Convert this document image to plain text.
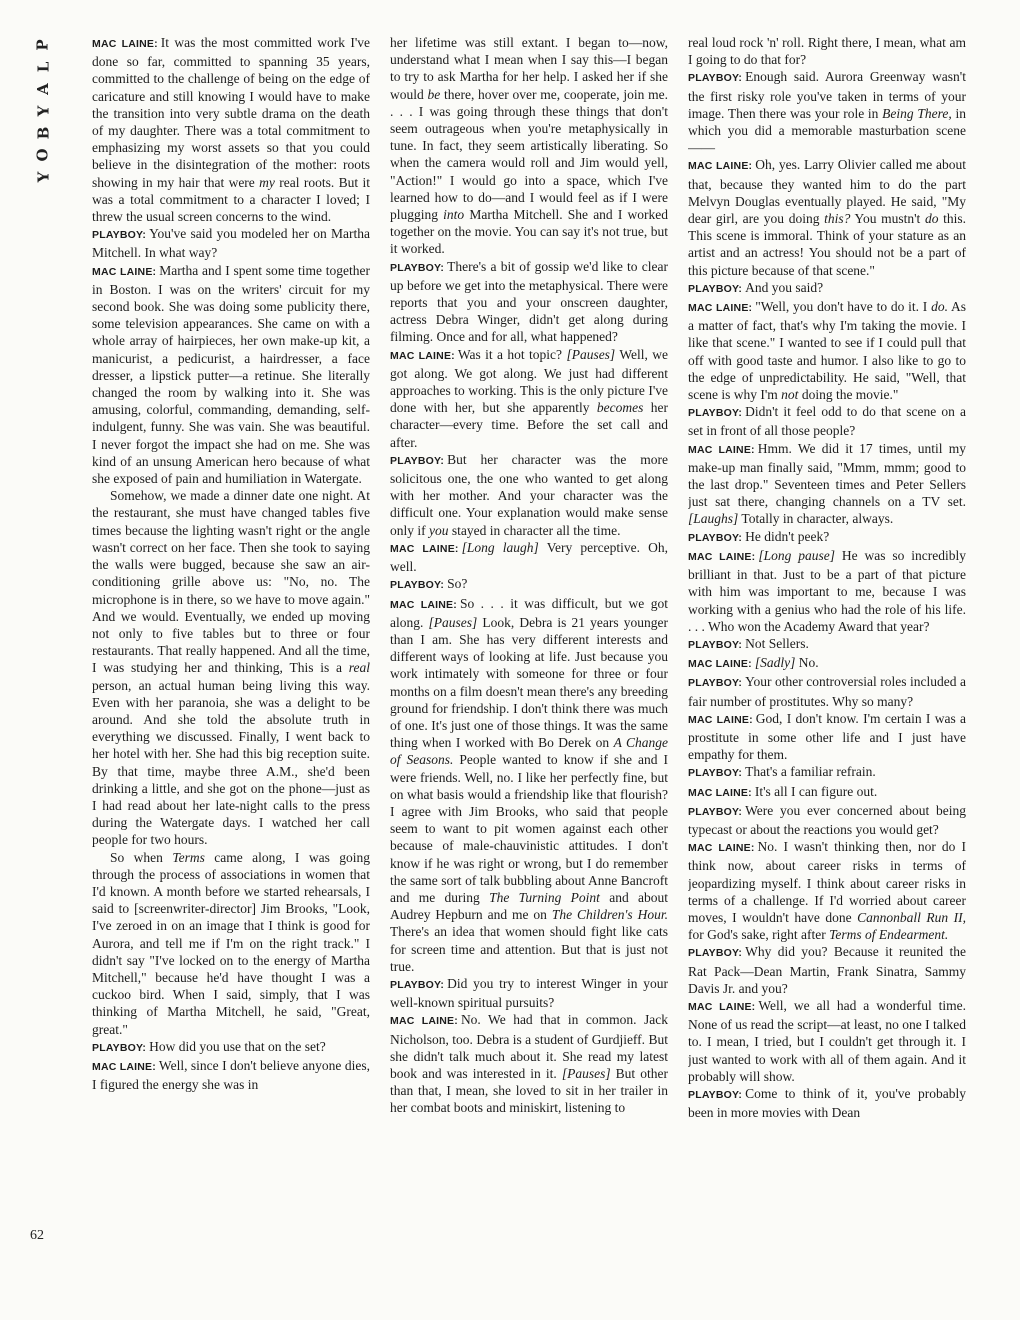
P
L
A
Y
B
O
Y

MAC LAINE: It was the most committed work I've done so far, committed to spanning 35 years, committed to the challenge of being on the edge of caricature and still knowing I would have to make the transition into very subtle drama on the death of my daughter. There was a total commitment to emphasizing my worst assets so that you could believe in the disintegration of the mother: roots showing in my hair that were my real roots. But it was a total commitment to a character I loved; I threw the usual screen concerns to the wind.

PLAYBOY: You've said you modeled her on Martha Mitchell. In what way?

MAC LAINE: Martha and I spent some time together in Boston. I was on the writers' circuit for my second book. She was doing some publicity there, some television appearances. She came on with a whole array of hairpieces, her own make-up kit, a manicurist, a pedicurist, a hairdresser, a face dresser, a lipstick putter—a retinue. She literally changed the room by walking into it. She was amusing, colorful, commanding, demanding, self-indulgent, funny. She was vain. She was beautiful. I never forgot the impact she had on me. She was kind of an unsung American hero because of what she exposed of pain and humiliation in Watergate.

Somehow, we made a dinner date one night. At the restaurant, she must have changed tables five times because the lighting wasn't right or the angle wasn't correct on her face. Then she took to saying the walls were bugged, because she saw an air-conditioning grille above us: "No, no. The microphone is in there, so we have to move again." And we would. Eventually, we ended up moving not only to five tables but to three or four restaurants. That really happened. And all the time, I was studying her and thinking, This is a real person, an actual human being living this way. Even with her paranoia, she was a delight to be around. And she told the absolute truth in everything we discussed. Finally, I went back to her hotel with her. She had this big reception suite. By that time, maybe three A.M., she'd been drinking a little, and she got on the phone—just as I had read about her late-night calls to the press during the Watergate days. I watched her call people for two hours.

So when Terms came along, I was going through the process of associations in women that I'd known. A month before we started rehearsals, I said to [screenwriter-director] Jim Brooks, "Look, I've zeroed in on an image that I think is good for Aurora, and tell me if I'm on the right track." I didn't say "I've locked on to the energy of Martha Mitchell," because he'd have thought I was a cuckoo bird. When I said, simply, that I was thinking of Martha Mitchell, he said, "Great, great."

PLAYBOY: How did you use that on the set?

MAC LAINE: Well, since I don't believe anyone dies, I figured the energy she was in

her lifetime was still extant. I began to—now, understand what I mean when I say this—I began to try to ask Martha for her help. I asked her if she would be there, hover over me, cooperate, join me. . . . I was going through these things that don't seem outrageous when you're metaphysically in tune. In fact, they seem artistically liberating. So when the camera would roll and Jim would yell, "Action!" I would go into a space, which I've learned how to do—and I would feel as if I were plugging into Martha Mitchell. She and I worked together on the movie. You can say it's not true, but it worked.

PLAYBOY: There's a bit of gossip we'd like to clear up before we get into the metaphysical. There were reports that you and your onscreen daughter, actress Debra Winger, didn't get along during filming. Once and for all, what happened?

MAC LAINE: Was it a hot topic? [Pauses] Well, we got along. We got along. We just had different approaches to working. This is the only picture I've done with her, but she apparently becomes her character—every time. Before the set call and after.

PLAYBOY: But her character was the more solicitous one, the one who wanted to get along with her mother. And your character was the difficult one. Your explanation would make sense only if you stayed in character all the time.

MAC LAINE: [Long laugh] Very perceptive. Oh, well.

PLAYBOY: So?

MAC LAINE: So . . . it was difficult, but we got along. [Pauses] Look, Debra is 21 years younger than I am. She has very different interests and different ways of looking at life. Just because you work intimately with someone for three or four months on a film doesn't mean there's any breeding ground for friendship. I don't think there was much of one. It's just one of those things. It was the same thing when I worked with Bo Derek on A Change of Seasons. People wanted to know if she and I were friends. Well, no. I like her perfectly fine, but on what basis would a friendship like that flourish? I agree with Jim Brooks, who said that people seem to want to pit women against each other because of male-chauvinistic attitudes. I don't know if he was right or wrong, but I do remember the same sort of talk bubbling about Anne Bancroft and me during The Turning Point and about Audrey Hepburn and me on The Children's Hour. There's an idea that women should fight like cats for screen time and attention. But that is just not true.

PLAYBOY: Did you try to interest Winger in your well-known spiritual pursuits?

MAC LAINE: No. We had that in common. Jack Nicholson, too. Debra is a student of Gurdjieff. But she didn't talk much about it. She read my latest book and was interested in it. [Pauses] But other than that, I mean, she loved to sit in her trailer in her combat boots and miniskirt, listening to

real loud rock 'n' roll. Right there, I mean, what am I going to do that for?

PLAYBOY: Enough said. Aurora Greenway wasn't the first risky role you've taken in terms of your image. Then there was your role in Being There, in which you did a memorable masturbation scene——

MAC LAINE: Oh, yes. Larry Olivier called me about that, because they wanted him to do the part Melvyn Douglas eventually played. He said, "My dear girl, are you doing this? You mustn't do this. This scene is immoral. Think of your stature as an artist and an actress! You should not be a part of this picture because of that scene."

PLAYBOY: And you said?

MAC LAINE: "Well, you don't have to do it. I do. As a matter of fact, that's why I'm taking the movie. I like that scene." I wanted to see if I could pull that off with good taste and humor. I also like to go to the edge of unpredictability. He said, "Well, that scene is why I'm not doing the movie."

PLAYBOY: Didn't it feel odd to do that scene on a set in front of all those people?

MAC LAINE: Hmm. We did it 17 times, until my make-up man finally said, "Mmm, mmm; good to the last drop." Seventeen times and Peter Sellers just sat there, changing channels on a TV set. [Laughs] Totally in character, always.

PLAYBOY: He didn't peek?

MAC LAINE: [Long pause] He was so incredibly brilliant in that. Just to be a part of that picture with him was important to me, because I was working with a genius who had the role of his life. . . . Who won the Academy Award that year?

PLAYBOY: Not Sellers.

MAC LAINE: [Sadly] No.

PLAYBOY: Your other controversial roles included a fair number of prostitutes. Why so many?

MAC LAINE: God, I don't know. I'm certain I was a prostitute in some other life and I just have empathy for them.

PLAYBOY: That's a familiar refrain.

MAC LAINE: It's all I can figure out.

PLAYBOY: Were you ever concerned about being typecast or about the reactions you would get?

MAC LAINE: No. I wasn't thinking then, nor do I think now, about career risks in terms of jeopardizing myself. I think about career risks in terms of a challenge. If I'd worried about career moves, I wouldn't have done Cannonball Run II, for God's sake, right after Terms of Endearment.

PLAYBOY: Why did you? Because it reunited the Rat Pack—Dean Martin, Frank Sinatra, Sammy Davis Jr. and you?

MAC LAINE: Well, we all had a wonderful time. None of us read the script—at least, no one I talked to. I mean, I tried, but I couldn't get through it. I just wanted to work with all of them again. And it probably will show.

PLAYBOY: Come to think of it, you've probably been in more movies with Dean

62
